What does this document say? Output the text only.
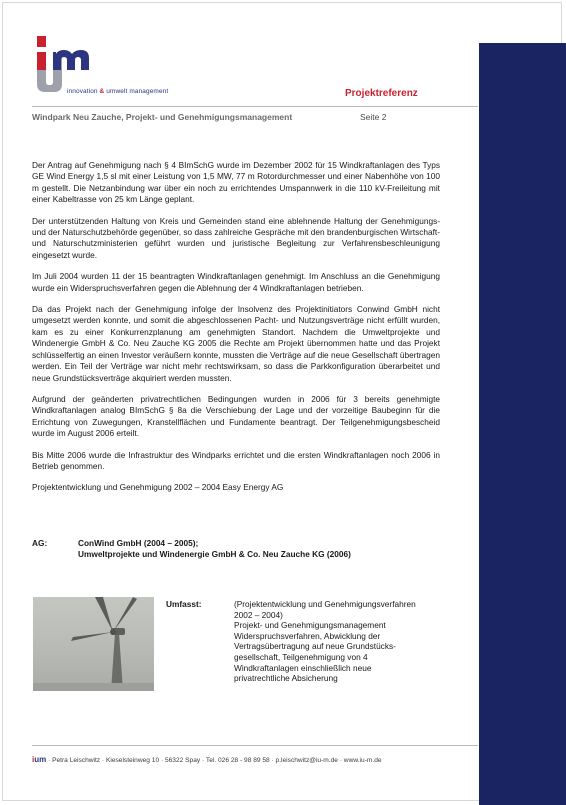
innovation & umwelt management	Projektreferenz
Windpark Neu Zauche, Projekt- und Genehmigungsmanagement	Seite 2

Der Antrag auf Genehmigung nach § 4 BImSchG wurde im Dezember 2002 für 15 Windkraftanlagen des Typs GE Wind Energy 1,5 sl mit einer Leistung von 1,5 MW, 77 m Rotordurchmesser und einer Nabenhöhe von 100 m gestellt. Die Netzanbindung war über ein noch zu errichtendes Umspannwerk in die 110 kV-Freileitung mit einer Kabeltrasse von 25 km Länge geplant.

Der unterstützenden Haltung von Kreis und Gemeinden stand eine ablehnende Haltung der Genehmigungs- und der Naturschutzbehörde gegenüber, so dass zahlreiche Gespräche mit den brandenburgischen Wirtschaft- und Naturschutzministerien geführt wurden und juristische Begleitung zur Verfahrensbeschleunigung eingesetzt wurde.

Im Juli 2004 wurden 11 der 15 beantragten Windkraftanlagen genehmigt. Im Anschluss an die Genehmigung wurde ein Widerspruchsverfahren gegen die Ablehnung der 4 Windkraftanlagen betrieben.

Da das Projekt nach der Genehmigung infolge der Insolvenz des Projektinitiators Conwind GmbH nicht umgesetzt werden konnte, und somit die abgeschlossenen Pacht- und Nutzungsverträge nicht erfüllt wurden, kam es zu einer Konkurrenzplanung am genehmigten Standort. Nachdem die Umweltprojekte und Windenergie GmbH & Co. Neu Zauche KG 2005 die Rechte am Projekt übernommen hatte und das Projekt schlüsselfertig an einen Investor veräußern konnte, mussten die Verträge auf die neue Gesellschaft übertragen werden. Ein Teil der Verträge war nicht mehr rechtswirksam, so dass die Parkkonfiguration überarbeitet und neue Grundstücksverträge akquiriert werden mussten.

Aufgrund der geänderten privatrechtlichen Bedingungen wurden in 2006 für 3 bereits genehmigte Windkraftanlagen analog BImSchG § 8a die Verschiebung der Lage und der vorzeitige Baubeginn für die Errichtung von Zuwegungen, Kranstellflächen und Fundamente beantragt. Der Teilgenehmigungsbescheid wurde im August 2006 erteilt.

Bis Mitte 2006 wurde die Infrastruktur des Windparks errichtet und die ersten Windkraftanlagen noch 2006 in Betrieb genommen.

Projektentwicklung und Genehmigung 2002 – 2004 Easy Energy AG

AG:	ConWind GmbH (2004 – 2005);
Umweltprojekte und Windenergie GmbH & Co. Neu Zauche KG (2006)
Umfasst:	(Projektentwicklung und Genehmigungsverfahren
2002 – 2004)
Projekt- und Genehmigungsmanagement
Widerspruchsverfahren, Abwicklung der
Vertragsübertragung auf neue Grundstücks-
gesellschaft, Teilgenehmigung von 4
Windkraftanlagen einschließlich neue
privatrechtliche Absicherung
ium · Petra Leischwitz · Kieselsteinweg 10 · 56322 Spay · Tel. 026 28 - 98 89 58 · p.leischwitz@iu-m.de · www.iu-m.de
